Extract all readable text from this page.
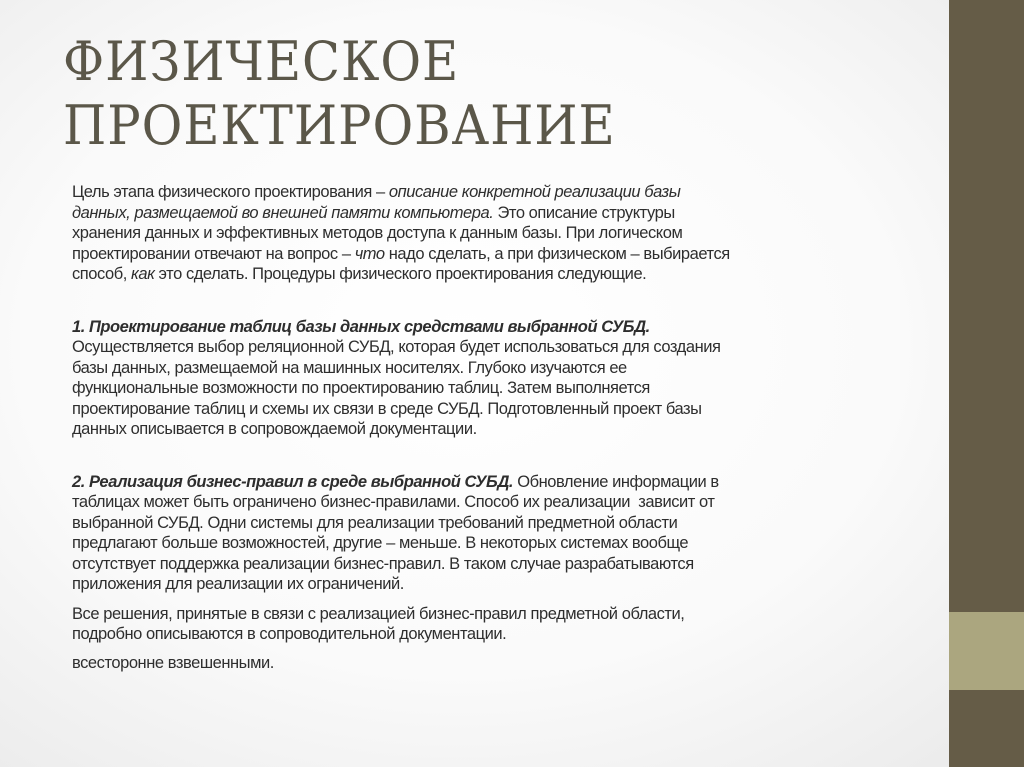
ФИЗИЧЕСКОЕ
ПРОЕКТИРОВАНИЕ
Цель этапа физического проектирования – описание конкретной реализации базы
данных, размещаемой во внешней памяти компьютера. Это описание структуры
хранения данных и эффективных методов доступа к данным базы. При логическом
проектировании отвечают на вопрос – что надо сделать, а при физическом – выбирается
способ, как это сделать. Процедуры физического проектирования следующие.
1. Проектирование таблиц базы данных средствами выбранной СУБД.
Осуществляется выбор реляционной СУБД, которая будет использоваться для создания
базы данных, размещаемой на машинных носителях. Глубоко изучаются ее
функциональные возможности по проектированию таблиц. Затем выполняется
проектирование таблиц и схемы их связи в среде СУБД. Подготовленный проект базы
данных описывается в сопровождаемой документации.
2. Реализация бизнес-правил в среде выбранной СУБД. Обновление информации в
таблицах может быть ограничено бизнес-правилами. Способ их реализации  зависит от
выбранной СУБД. Одни системы для реализации требований предметной области
предлагают больше возможностей, другие – меньше. В некоторых системах вообще
отсутствует поддержка реализации бизнес-правил. В таком случае разрабатываются
приложения для реализации их ограничений.
Все решения, принятые в связи с реализацией бизнес-правил предметной области,
подробно описываются в сопроводительной документации.
всесторонне взвешенными.
